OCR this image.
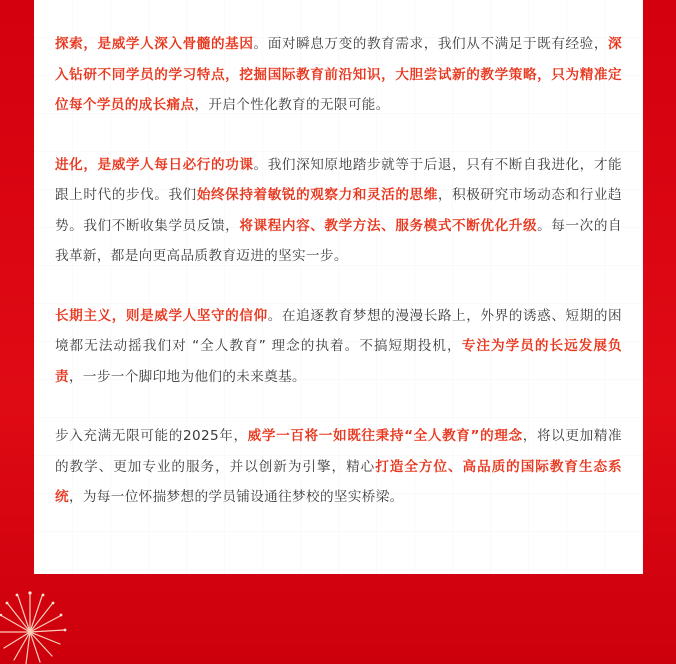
探索，是威学人深入骨髓的基因。面对瞬息万变的教育需求，我们从不满足于既有经验，深入钻研不同学员的学习特点，挖掘国际教育前沿知识，大胆尝试新的教学策略，只为精准定位每个学员的成长痛点，开启个性化教育的无限可能。

进化，是威学人每日必行的功课。我们深知原地踏步就等于后退，只有不断自我进化，才能跟上时代的步伐。我们始终保持着敏锐的观察力和灵活的思维，积极研究市场动态和行业趋势。我们不断收集学员反馈，将课程内容、教学方法、服务模式不断优化升级。每一次的自我革新，都是向更高品质教育迈进的坚实一步。

长期主义，则是威学人坚守的信仰。在追逐教育梦想的漫漫长路上，外界的诱惑、短期的困境都无法动摇我们对 “全人教育” 理念的执着。不搞短期投机，专注为学员的长远发展负责，一步一个脚印地为他们的未来奠基。

步入充满无限可能的2025年，威学一百将一如既往秉持“全人教育”的理念，将以更加精准的教学、更加专业的服务，并以创新为引擎，精心打造全方位、高品质的国际教育生态系统，为每一位怀揣梦想的学员铺设通往梦校的坚实桥梁。
